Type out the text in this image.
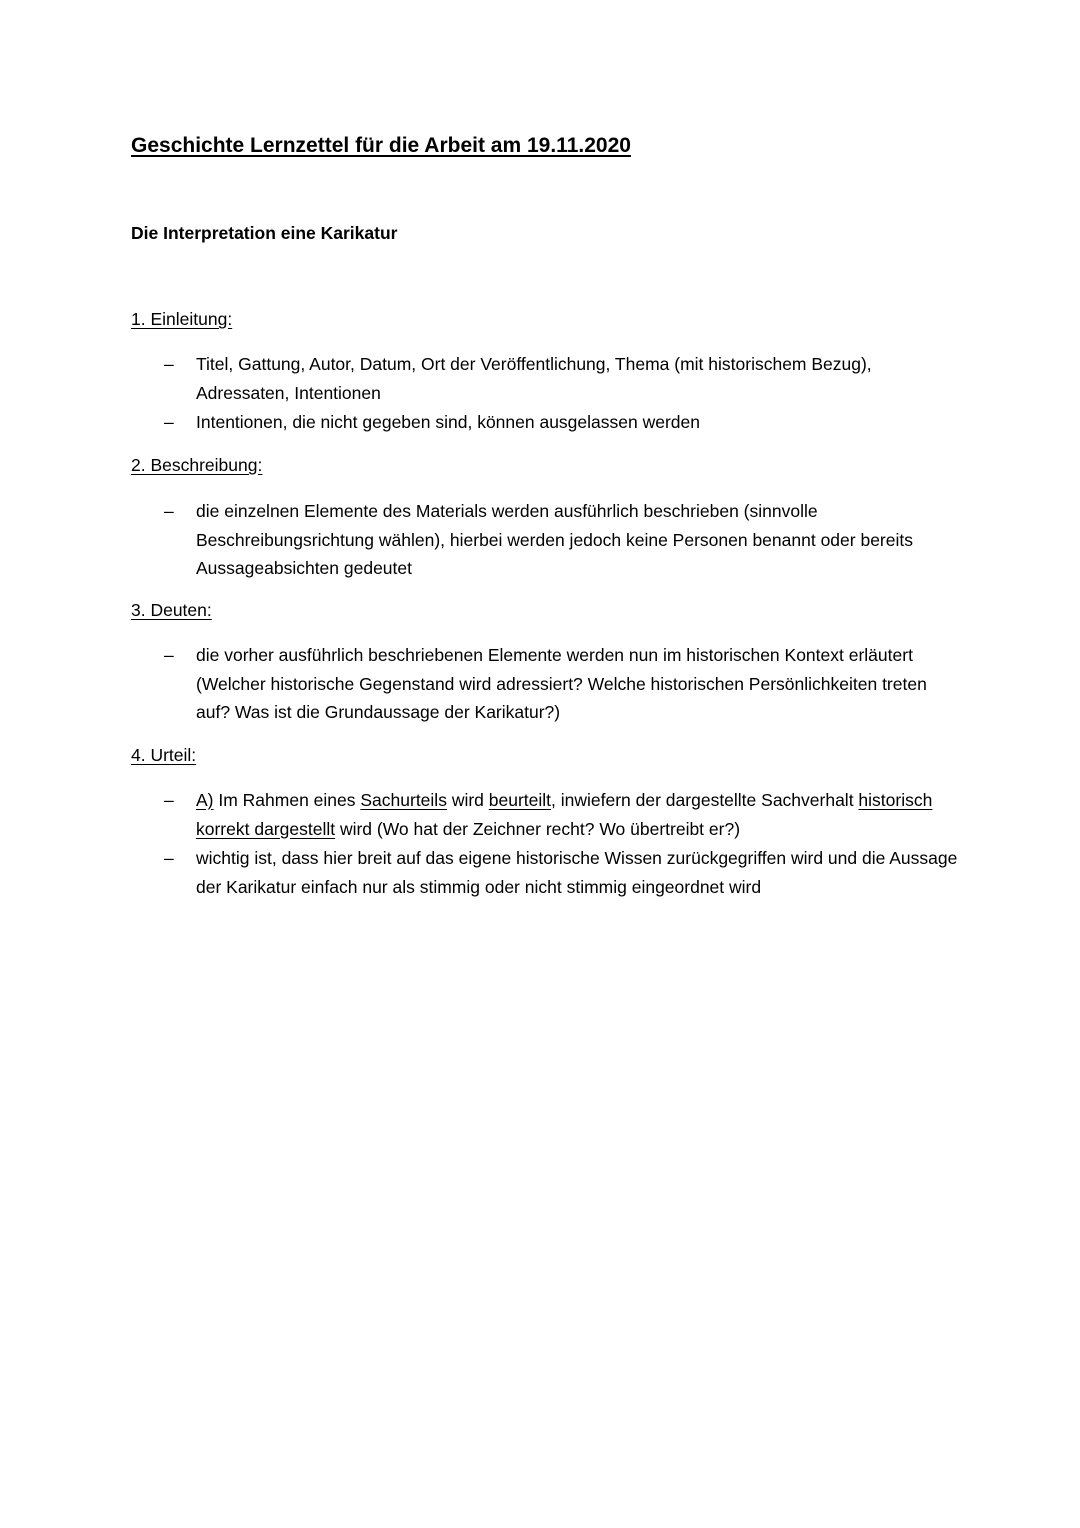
Geschichte Lernzettel für die Arbeit am 19.11.2020
Die Interpretation eine Karikatur
1. Einleitung:
– Titel, Gattung, Autor, Datum, Ort der Veröffentlichung, Thema (mit historischem Bezug), Adressaten, Intentionen
– Intentionen, die nicht gegeben sind, können ausgelassen werden
2. Beschreibung:
– die einzelnen Elemente des Materials werden ausführlich beschrieben (sinnvolle Beschreibungsrichtung wählen), hierbei werden jedoch keine Personen benannt oder bereits Aussageabsichten gedeutet
3. Deuten:
– die vorher ausführlich beschriebenen Elemente werden nun im historischen Kontext erläutert (Welcher historische Gegenstand wird adressiert? Welche historischen Persönlichkeiten treten auf? Was ist die Grundaussage der Karikatur?)
4. Urteil:
– A) Im Rahmen eines Sachurteils wird beurteilt, inwiefern der dargestellte Sachverhalt historisch korrekt dargestellt wird (Wo hat der Zeichner recht? Wo übertreibt er?)
– wichtig ist, dass hier breit auf das eigene historische Wissen zurückgegriffen wird und die Aussage der Karikatur einfach nur als stimmig oder nicht stimmig eingeordnet wird
